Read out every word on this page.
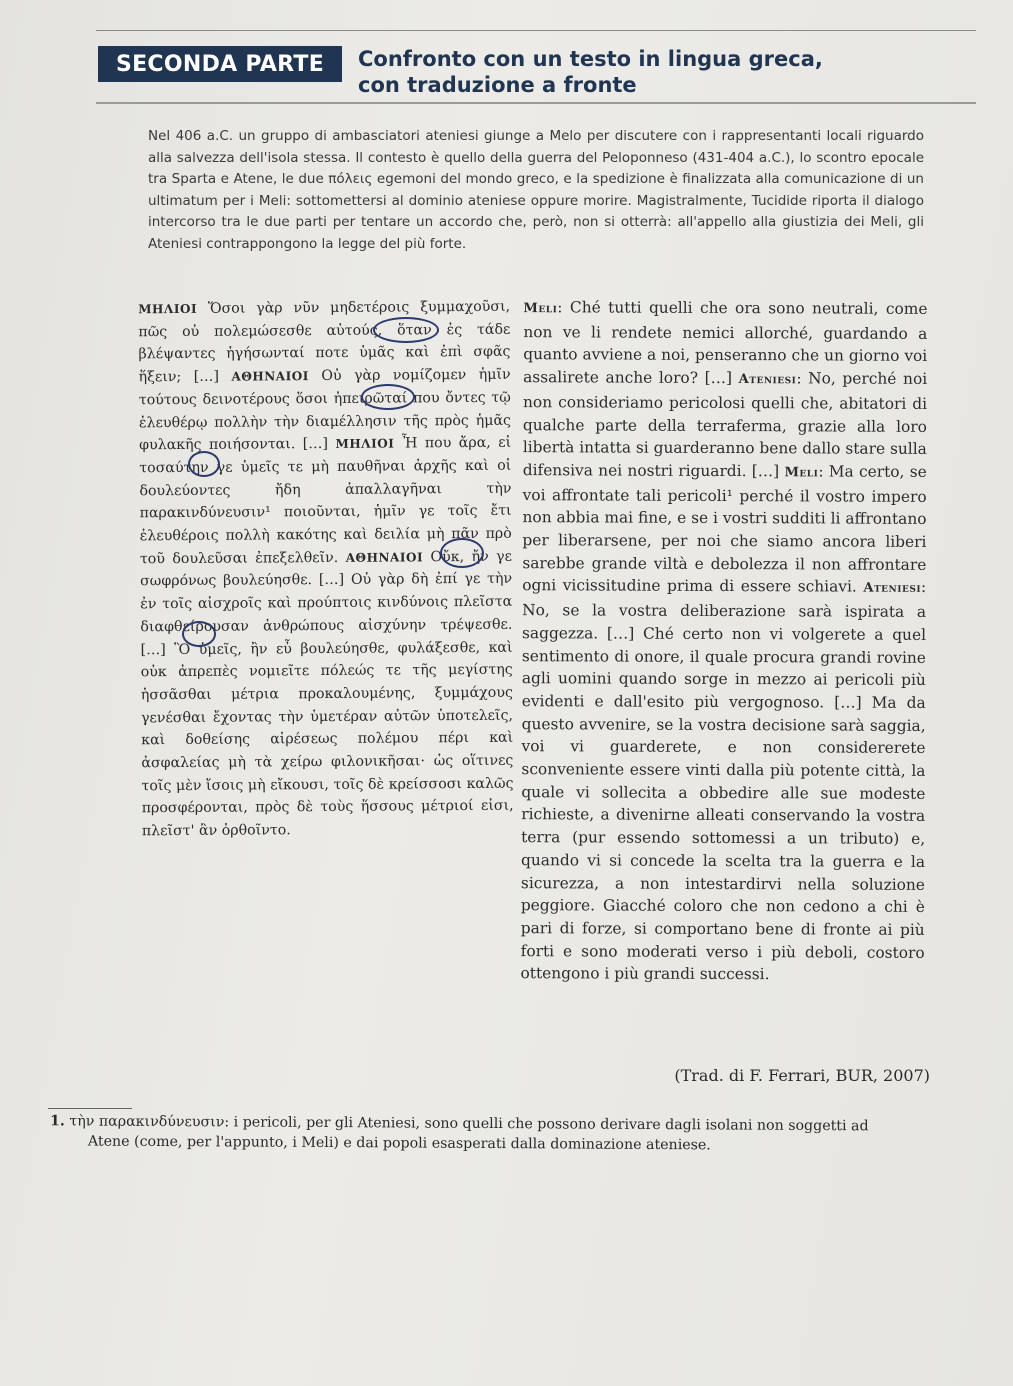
SECONDA PARTE	Confronto con un testo in lingua greca,
con traduzione a fronte
Nel 406 a.C. un gruppo di ambasciatori ateniesi giunge a Melo per discutere con i rappresentanti locali riguardo alla salvezza dell'isola stessa. Il contesto è quello della guerra del Peloponneso (431-404 a.C.), lo scontro epocale tra Sparta e Atene, le due πόλεις egemoni del mondo greco, e la spedizione è finalizzata alla comunicazione di un ultimatum per i Meli: sottomettersi al dominio ateniese oppure morire. Magistralmente, Tucidide riporta il dialogo intercorso tra le due parti per tentare un accordo che, però, non si otterrà: all'appello alla giustizia dei Meli, gli Ateniesi contrappongono la legge del più forte.
ΜΗΛΙΟΙ Ὅσοι γὰρ νῦν μηδετέροις ξυμμαχοῦσι, πῶς οὐ πολεμώσεσθε αὐτούς, ὅταν ἐς τάδε βλέψαντες ἡγήσωνταί ποτε ὑμᾶς καὶ ἐπὶ σφᾶς ἥξειν; […] ΑΘΗΝΑΙΟΙ Οὐ γὰρ νομίζομεν ἡμῖν τούτους δεινοτέρους ὅσοι ἠπειρῶταί που ὄντες τῷ ἐλευθέρῳ πολλὴν τὴν διαμέλλησιν τῆς πρὸς ἡμᾶς φυλακῆς ποιήσονται. […] ΜΗΛΙΟΙ Ἦ που ἄρα, εἰ τοσαύτην γε ὑμεῖς τε μὴ παυθῆναι ἀρχῆς καὶ οἱ δουλεύοντες ἤδη ἀπαλλαγῆναι τὴν παρακινδύνευσιν¹ ποιοῦνται, ἡμῖν γε τοῖς ἔτι ἐλευθέροις πολλὴ κακότης καὶ δειλία μὴ πᾶν πρὸ τοῦ δουλεῦσαι ἐπεξελθεῖν. ΑΘΗΝΑΙΟΙ Οὔκ, ἤν γε σωφρόνως βουλεύησθε. […] Οὐ γὰρ δὴ ἐπί γε τὴν ἐν τοῖς αἰσχροῖς καὶ προύπτοις κινδύνοις πλεῖστα διαφθείρουσαν ἀνθρώπους αἰσχύνην τρέψεσθε. […] Ὃ ὑμεῖς, ἢν εὖ βουλεύησθε, φυλάξεσθε, καὶ οὐκ ἀπρεπὲς νομιεῖτε πόλεώς τε τῆς μεγίστης ἡσσᾶσθαι μέτρια προκαλουμένης, ξυμμάχους γενέσθαι ἔχοντας τὴν ὑμετέραν αὐτῶν ὑποτελεῖς, καὶ δοθείσης αἱρέσεως πολέμου πέρι καὶ ἀσφαλείας μὴ τὰ χείρω φιλονικῆσαι· ὡς οἵτινες τοῖς μὲν ἴσοις μὴ εἴκουσι, τοῖς δὲ κρείσσοσι καλῶς προσφέρονται, πρὸς δὲ τοὺς ἥσσους μέτριοί εἰσι, πλεῖστ' ἂν ὀρθοῖντο.
Meli: Ché tutti quelli che ora sono neutrali, come non ve li rendete nemici allorché, guardando a quanto avviene a noi, penseranno che un giorno voi assalirete anche loro? […] Ateniesi: No, perché noi non consideriamo pericolosi quelli che, abitatori di qualche parte della terraferma, grazie alla loro libertà intatta si guarderanno bene dallo stare sulla difensiva nei nostri riguardi. […] Meli: Ma certo, se voi affrontate tali pericoli¹ perché il vostro impero non abbia mai fine, e se i vostri sudditi li affrontano per liberarsene, per noi che siamo ancora liberi sarebbe grande viltà e debolezza il non affrontare ogni vicissitudine prima di essere schiavi. Ateniesi: No, se la vostra deliberazione sarà ispirata a saggezza. […] Ché certo non vi volgerete a quel sentimento di onore, il quale procura grandi rovine agli uomini quando sorge in mezzo ai pericoli più evidenti e dall'esito più vergognoso. […] Ma da questo avvenire, se la vostra decisione sarà saggia, voi vi guarderete, e non considererete sconveniente essere vinti dalla più potente città, la quale vi sollecita a obbedire alle sue modeste richieste, a divenirne alleati conservando la vostra terra (pur essendo sottomessi a un tributo) e, quando vi si concede la scelta tra la guerra e la sicurezza, a non intestardirvi nella soluzione peggiore. Giacché coloro che non cedono a chi è pari di forze, si comportano bene di fronte ai più forti e sono moderati verso i più deboli, costoro ottengono i più grandi successi.
(Trad. di F. Ferrari, BUR, 2007)
1. τὴν παρακινδύνευσιν: i pericoli, per gli Ateniesi, sono quelli che possono derivare dagli isolani non soggetti ad
Atene (come, per l'appunto, i Meli) e dai popoli esasperati dalla dominazione ateniese.
